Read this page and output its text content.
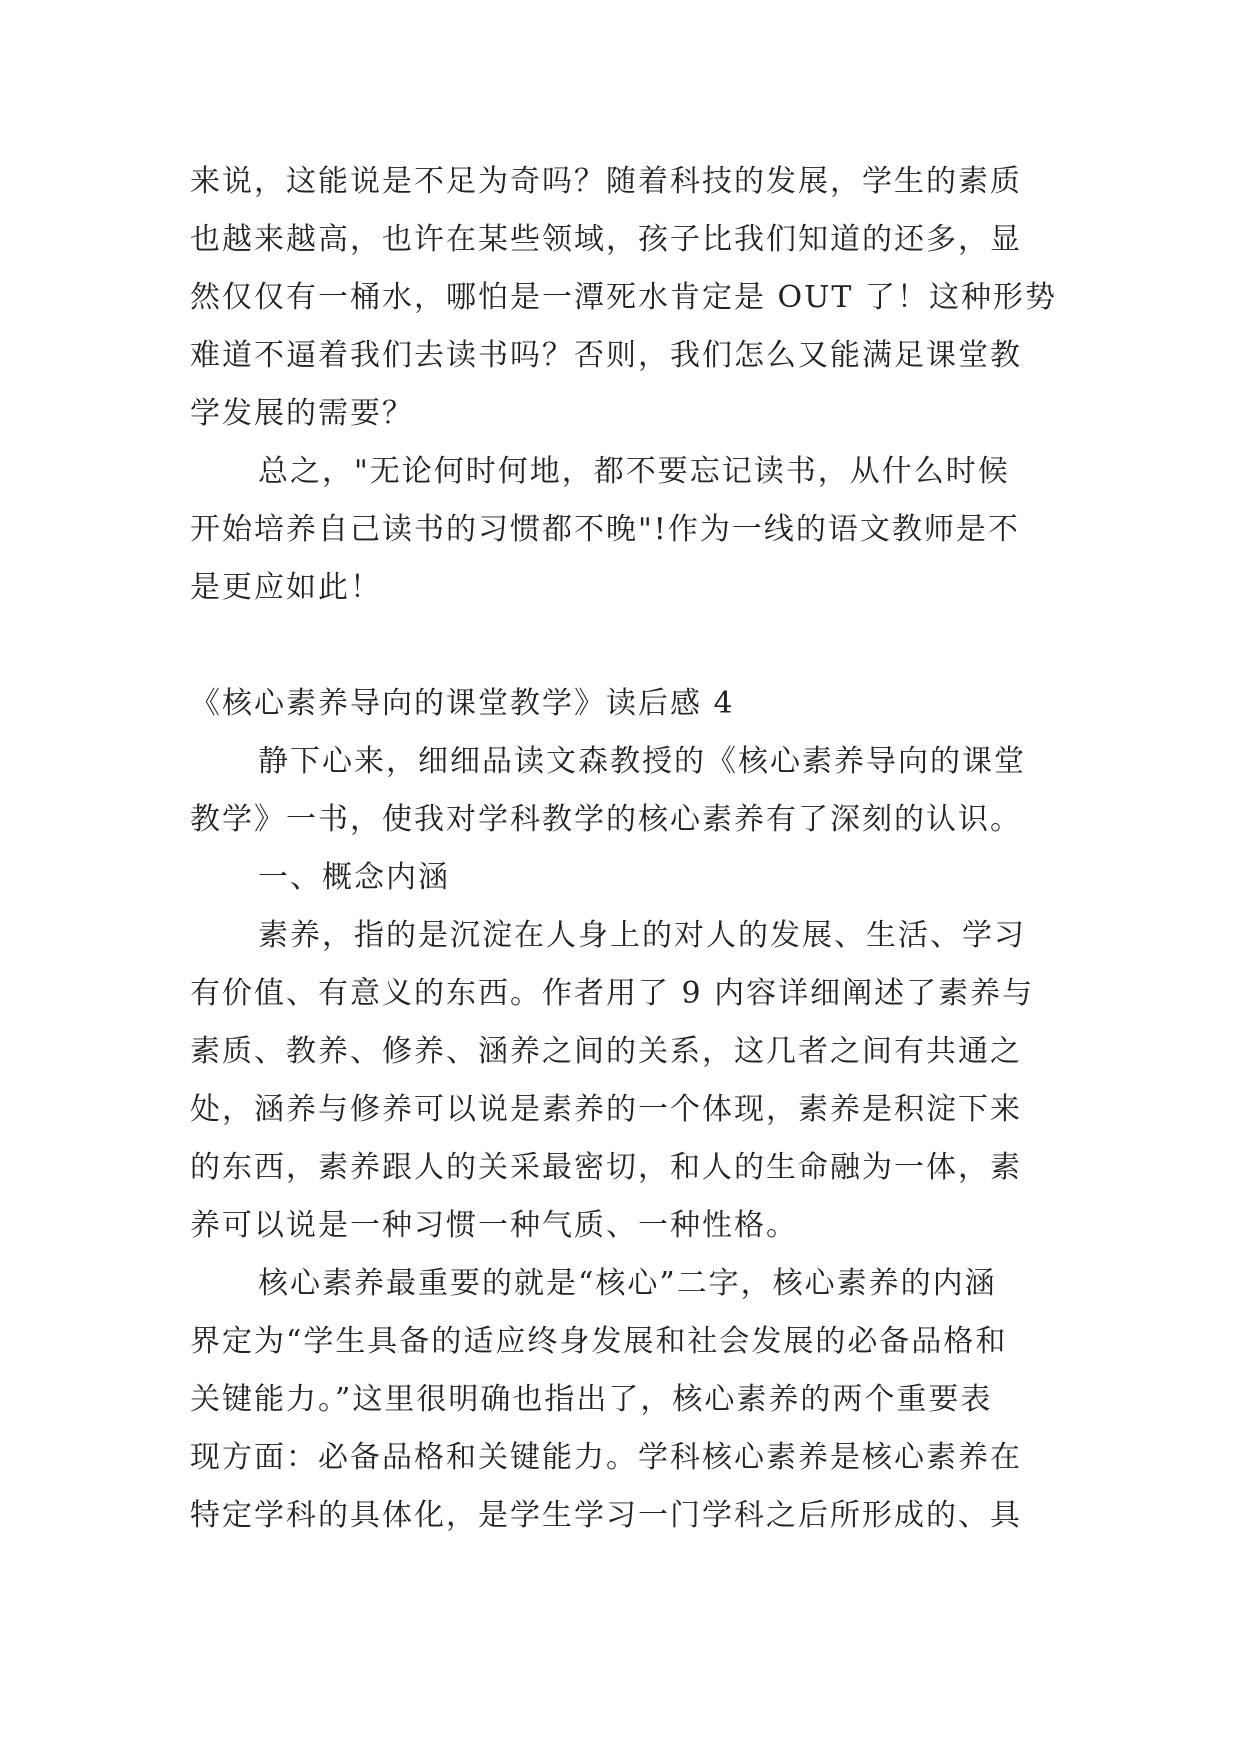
来说，这能说是不足为奇吗？随着科技的发展，学生的素质
也越来越高，也许在某些领域，孩子比我们知道的还多，显
然仅仅有一桶水，哪怕是一潭死水肯定是 OUT 了！这种形势
难道不逼着我们去读书吗？否则，我们怎么又能满足课堂教
学发展的需要？
总之，"无论何时何地，都不要忘记读书，从什么时候
开始培养自己读书的习惯都不晚"!作为一线的语文教师是不
是更应如此！
《核心素养导向的课堂教学》读后感 4
静下心来，细细品读文森教授的《核心素养导向的课堂
教学》一书，使我对学科教学的核心素养有了深刻的认识。
一、概念内涵
素养，指的是沉淀在人身上的对人的发展、生活、学习
有价值、有意义的东西。作者用了 9 内容详细阐述了素养与
素质、教养、修养、涵养之间的关系，这几者之间有共通之
处，涵养与修养可以说是素养的一个体现，素养是积淀下来
的东西，素养跟人的关采最密切，和人的生命融为一体，素
养可以说是一种习惯一种气质、一种性格。
核心素养最重要的就是“核心”二字，核心素养的内涵
界定为“学生具备的适应终身发展和社会发展的必备品格和
关键能力。”这里很明确也指出了，核心素养的两个重要表
现方面：必备品格和关键能力。学科核心素养是核心素养在
特定学科的具体化，是学生学习一门学科之后所形成的、具
